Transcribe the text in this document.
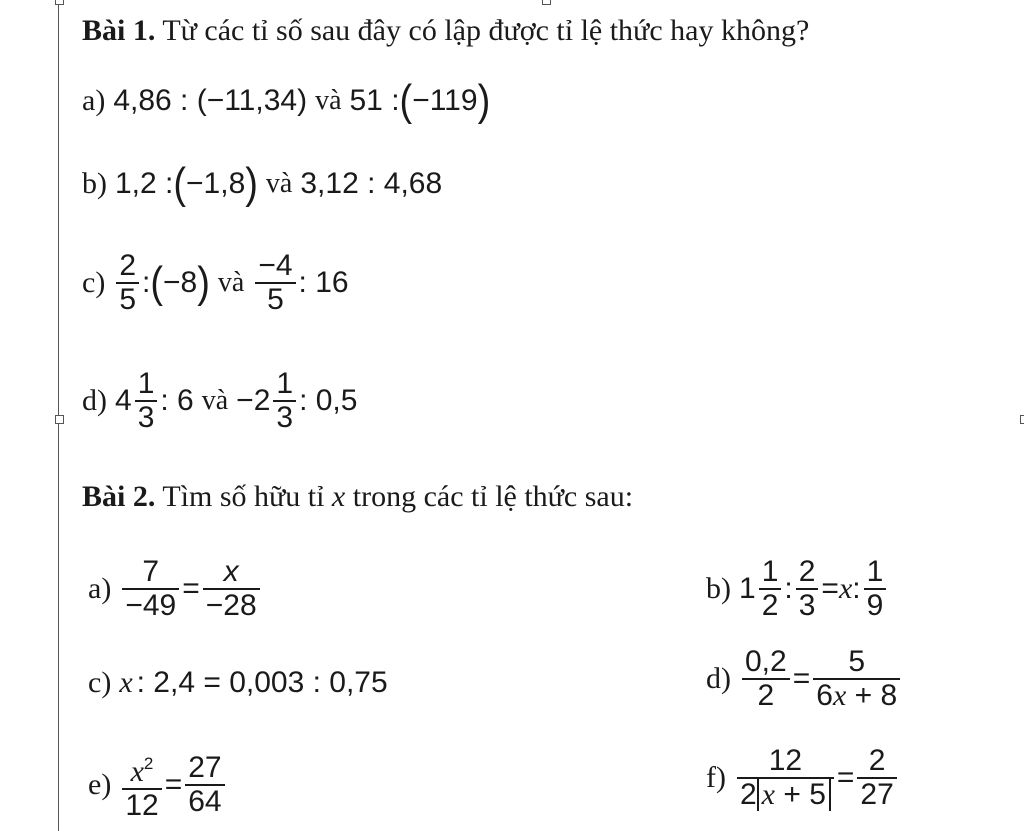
Bài 1. Từ các tỉ số sau đây có lập được tỉ lệ thức hay không?
a) 4,86 : (−11,34) và 51 : ( −119 )
b) 1,2 : ( −1,8 ) và 3,12 : 4,68
$c) \frac{2}{5}$ : ( −8 ) và $\frac{-4}{5}$ : 16
d) $4 \frac{1}{3}$ : 6 và $-2 \frac{1}{3}$ : 0,5
Bài 2. Tìm số hữu tỉ x trong các tỉ lệ thức sau:
$a) \frac{7}{-49} = \frac{x}{-28}$	b) $1 \frac{1}{2}$ : $\frac{2}{3} = x$ : $\frac{1}{9}$
c) x : 2,4 = 0,003 : 0,75	$d) \frac{0,2}{2} = \frac{5}{6x + 8}$
$e) \frac{x^2}{12} = \frac{27}{64}$	$f) \frac{12}{2 x + 5} = \frac{2}{27}$
